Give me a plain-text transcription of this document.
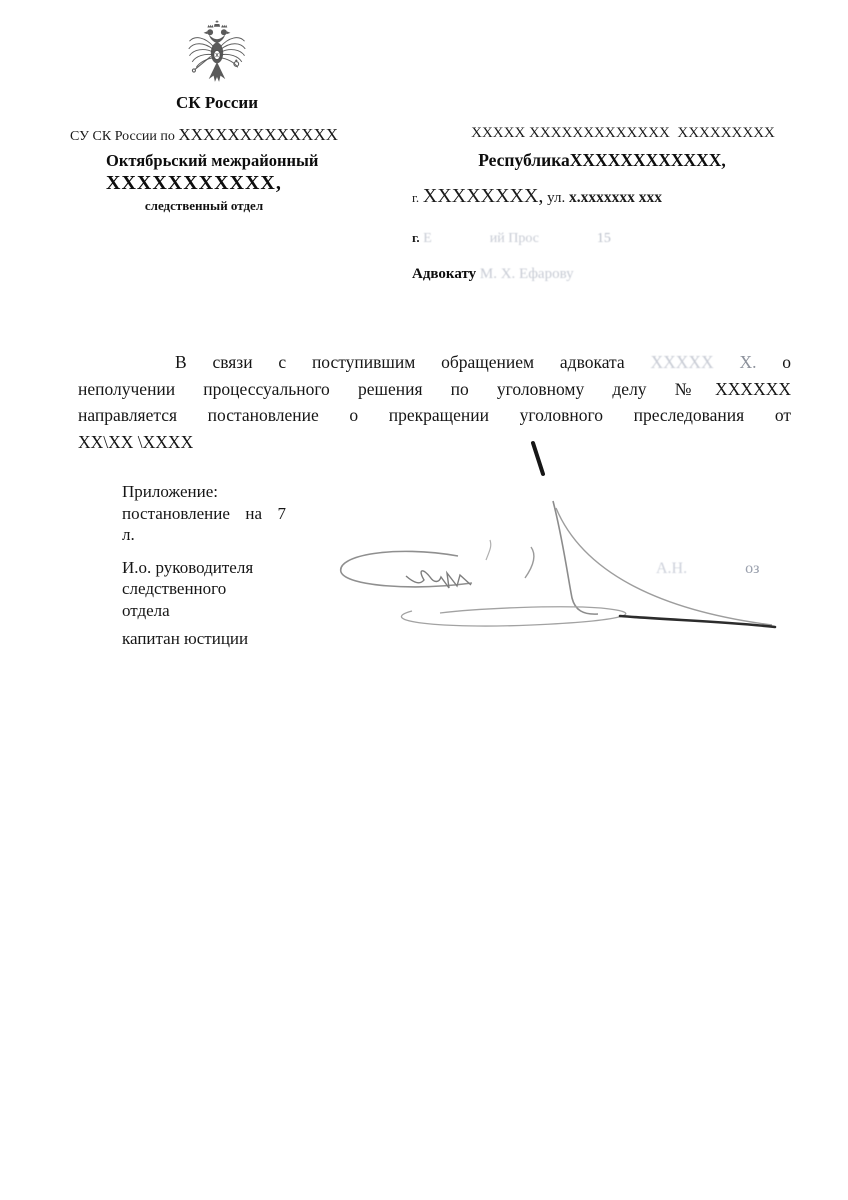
СК России
СУ СК России по ХХХХХХХХХХХХХ
Октябрьский межрайонный
ХХХХХХХХХХХ,
следственный отдел
ХХХХХ ХХХХХХХХХХХХХ  ХХХХХХХХХ
РеспубликаХХХХХХХХХХХХ,
г. ХХХХХХХХ, ул. х.ххххххх ххх
г. Е	ий Прос	15
Адвокату М. Х. Ефарову
В связи с поступившим обращением адвоката ХХХХХ Х. о
неполучении процессуального решения по уголовному делу №ХХХХХХ
направляется постановление о прекращении уголовного преследования от
ХХ\ХХ \ХХХХ
Приложение:
постановление на 7
л.
И.о. руководителя
следственного
отдела
капитан юстиции
А.Н.	оз
